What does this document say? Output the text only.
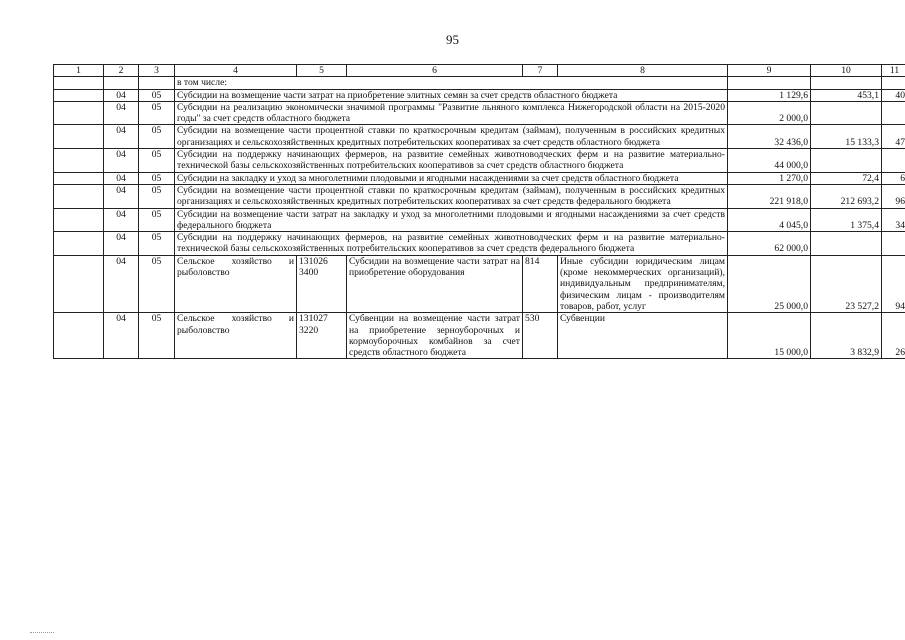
95
1	2	3	4	5	6	7	8	9	10	11
			в том числе:							
	04	05	Субсидии на возмещение части затрат на приобретение элитных семян за счет средств областного бюджета					1 129,6	453,1	40
	04	05	Субсидии на реализацию экономически значимой программы "Развитие льняного комплекса Нижегородской области на 2015-2020 годы" за счет средств областного бюджета					2 000,0		
	04	05	Субсидии на возмещение части процентной ставки по краткосрочным кредитам (займам), полученным в российских кредитных организациях и сельскохозяйственных кредитных потребительских кооперативах за счет средств областного бюджета					32 436,0	15 133,3	47
	04	05	Субсидии на поддержку начинающих фермеров, на развитие семейных животноводческих ферм и на развитие материально-технической базы сельскохозяйственных потребительских кооперативов за счет средств областного бюджета					44 000,0		
	04	05	Субсидии на закладку и уход за многолетними плодовыми и ягодными насаждениями за счет средств областного бюджета					1 270,0	72,4	6
	04	05	Субсидии на возмещение части процентной ставки по краткосрочным кредитам (займам), полученным в российских кредитных организациях и сельскохозяйственных кредитных потребительских кооперативах за счет средств федерального бюджета					221 918,0	212 693,2	96
	04	05	Субсидии на возмещение части затрат на закладку и уход за многолетними плодовыми и ягодными насаждениями за счет средств федерального бюджета					4 045,0	1 375,4	34
	04	05	Субсидии на поддержку начинающих фермеров, на развитие семейных животноводческих ферм и на развитие материально-технической базы сельскохозяйственных потребительских кооперативов за счет средств федерального бюджета					62 000,0		
	04	05	Сельское хозяйство и рыболовство	131026 3400	Субсидии на возмещение части затрат на приобретение оборудования	814	Иные субсидии юридическим лицам (кроме некоммерческих организаций), индивидуальным предпринимателям, физическим лицам - производителям товаров, работ, услуг	25 000,0	23 527,2	94
	04	05	Сельское хозяйство и рыболовство	131027 3220	Субвенции на возмещение части затрат на приобретение зерноуборочных и кормоуборочных комбайнов за счет средств областного бюджета	530	Субвенции	15 000,0	3 832,9	26
